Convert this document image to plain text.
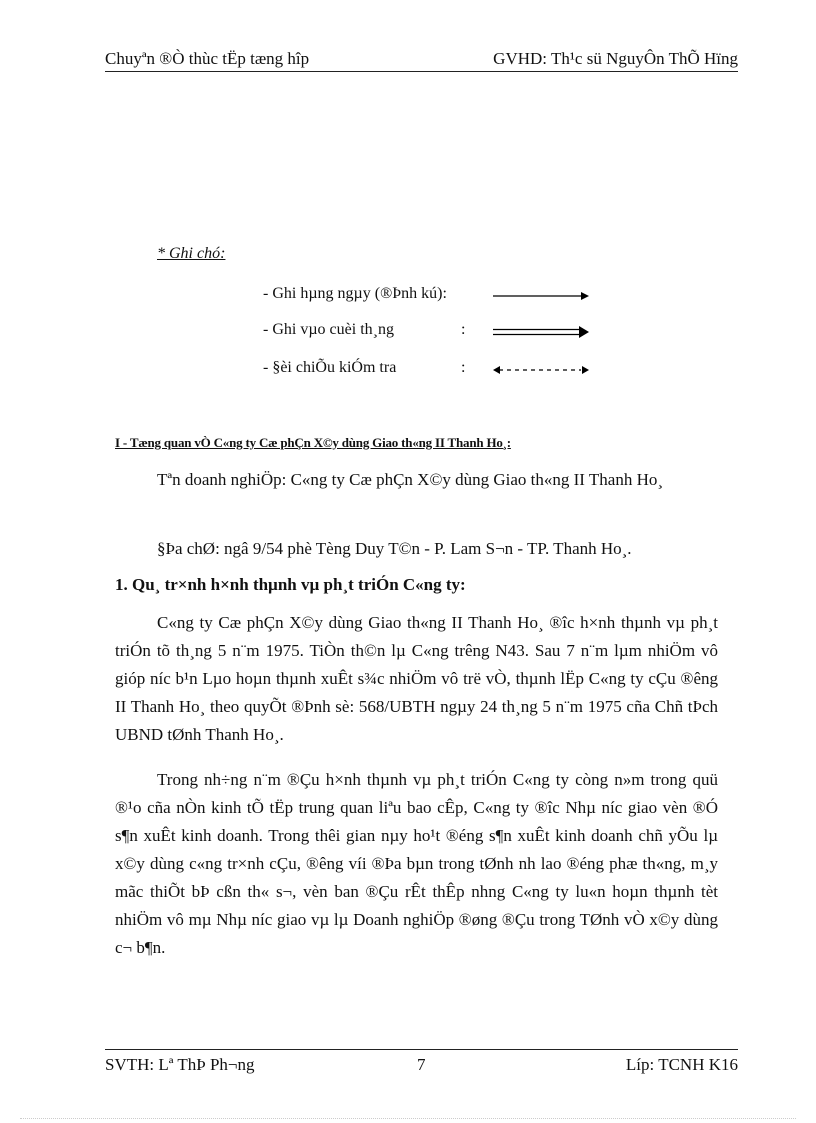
Chuyªn ®Ò thùc tËp tæng hîp	GVHD: Th¹c sü NguyÔn ThÕ Hïng
* Ghi chó:
- Ghi hµng ngµy (®Þnh kú):
- Ghi vµo cuèi th¸ng	:
- §èi chiÕu kiÓm tra	:
I - Tæng quan vÒ C«ng ty Cæ phÇn X©y dùng Giao th«ng II Thanh Ho¸:

Tªn doanh nghiÖp: C«ng ty Cæ phÇn X©y dùng Giao th«ng II Thanh Ho¸

§Þa chØ: ngâ 9/54 phè Tèng Duy T©n - P. Lam S¬n - TP. Thanh Ho¸.

1. Qu¸ tr×nh h×nh thµnh vµ ph¸t triÓn C«ng ty:

C«ng ty Cæ phÇn X©y dùng Giao th«ng II Thanh Ho¸ ®îc h×nh thµnh vµ ph¸t triÓn tõ th¸ng 5 n¨m 1975. TiÒn th©n lµ C«ng trêng N43. Sau 7 n¨m lµm nhiÖm vô gióp níc b¹n Lµo hoµn thµnh xuÊt s¾c nhiÖm vô trë vÒ, thµnh lËp C«ng ty cÇu ®êng II Thanh Ho¸ theo quyÕt ®Þnh sè: 568/UBTH ngµy 24 th¸ng 5 n¨m 1975 cña Chñ tÞch UBND tØnh Thanh Ho¸.

Trong nh÷ng n¨m ®Çu h×nh thµnh vµ ph¸t triÓn C«ng ty còng n»m trong quü ®¹o cña nÒn kinh tÕ tËp trung quan liªu bao cÊp, C«ng ty ®îc Nhµ níc giao vèn ®Ó s¶n xuÊt kinh doanh. Trong thêi gian nµy ho¹t ®éng s¶n xuÊt kinh doanh chñ yÕu lµ x©y dùng c«ng tr×nh cÇu, ®êng víi ®Þa bµn trong tØnh nh lao ®éng phæ th«ng, m¸y mãc thiÕt bÞ cßn th« s¬, vèn ban ®Çu rÊt thÊp nhng C«ng ty lu«n hoµn thµnh tèt nhiÖm vô mµ Nhµ níc giao vµ lµ Doanh nghiÖp ®øng ®Çu trong TØnh vÒ x©y dùng c¬ b¶n.

SVTH: Lª ThÞ Ph¬ng	7	Líp: TCNH K16
